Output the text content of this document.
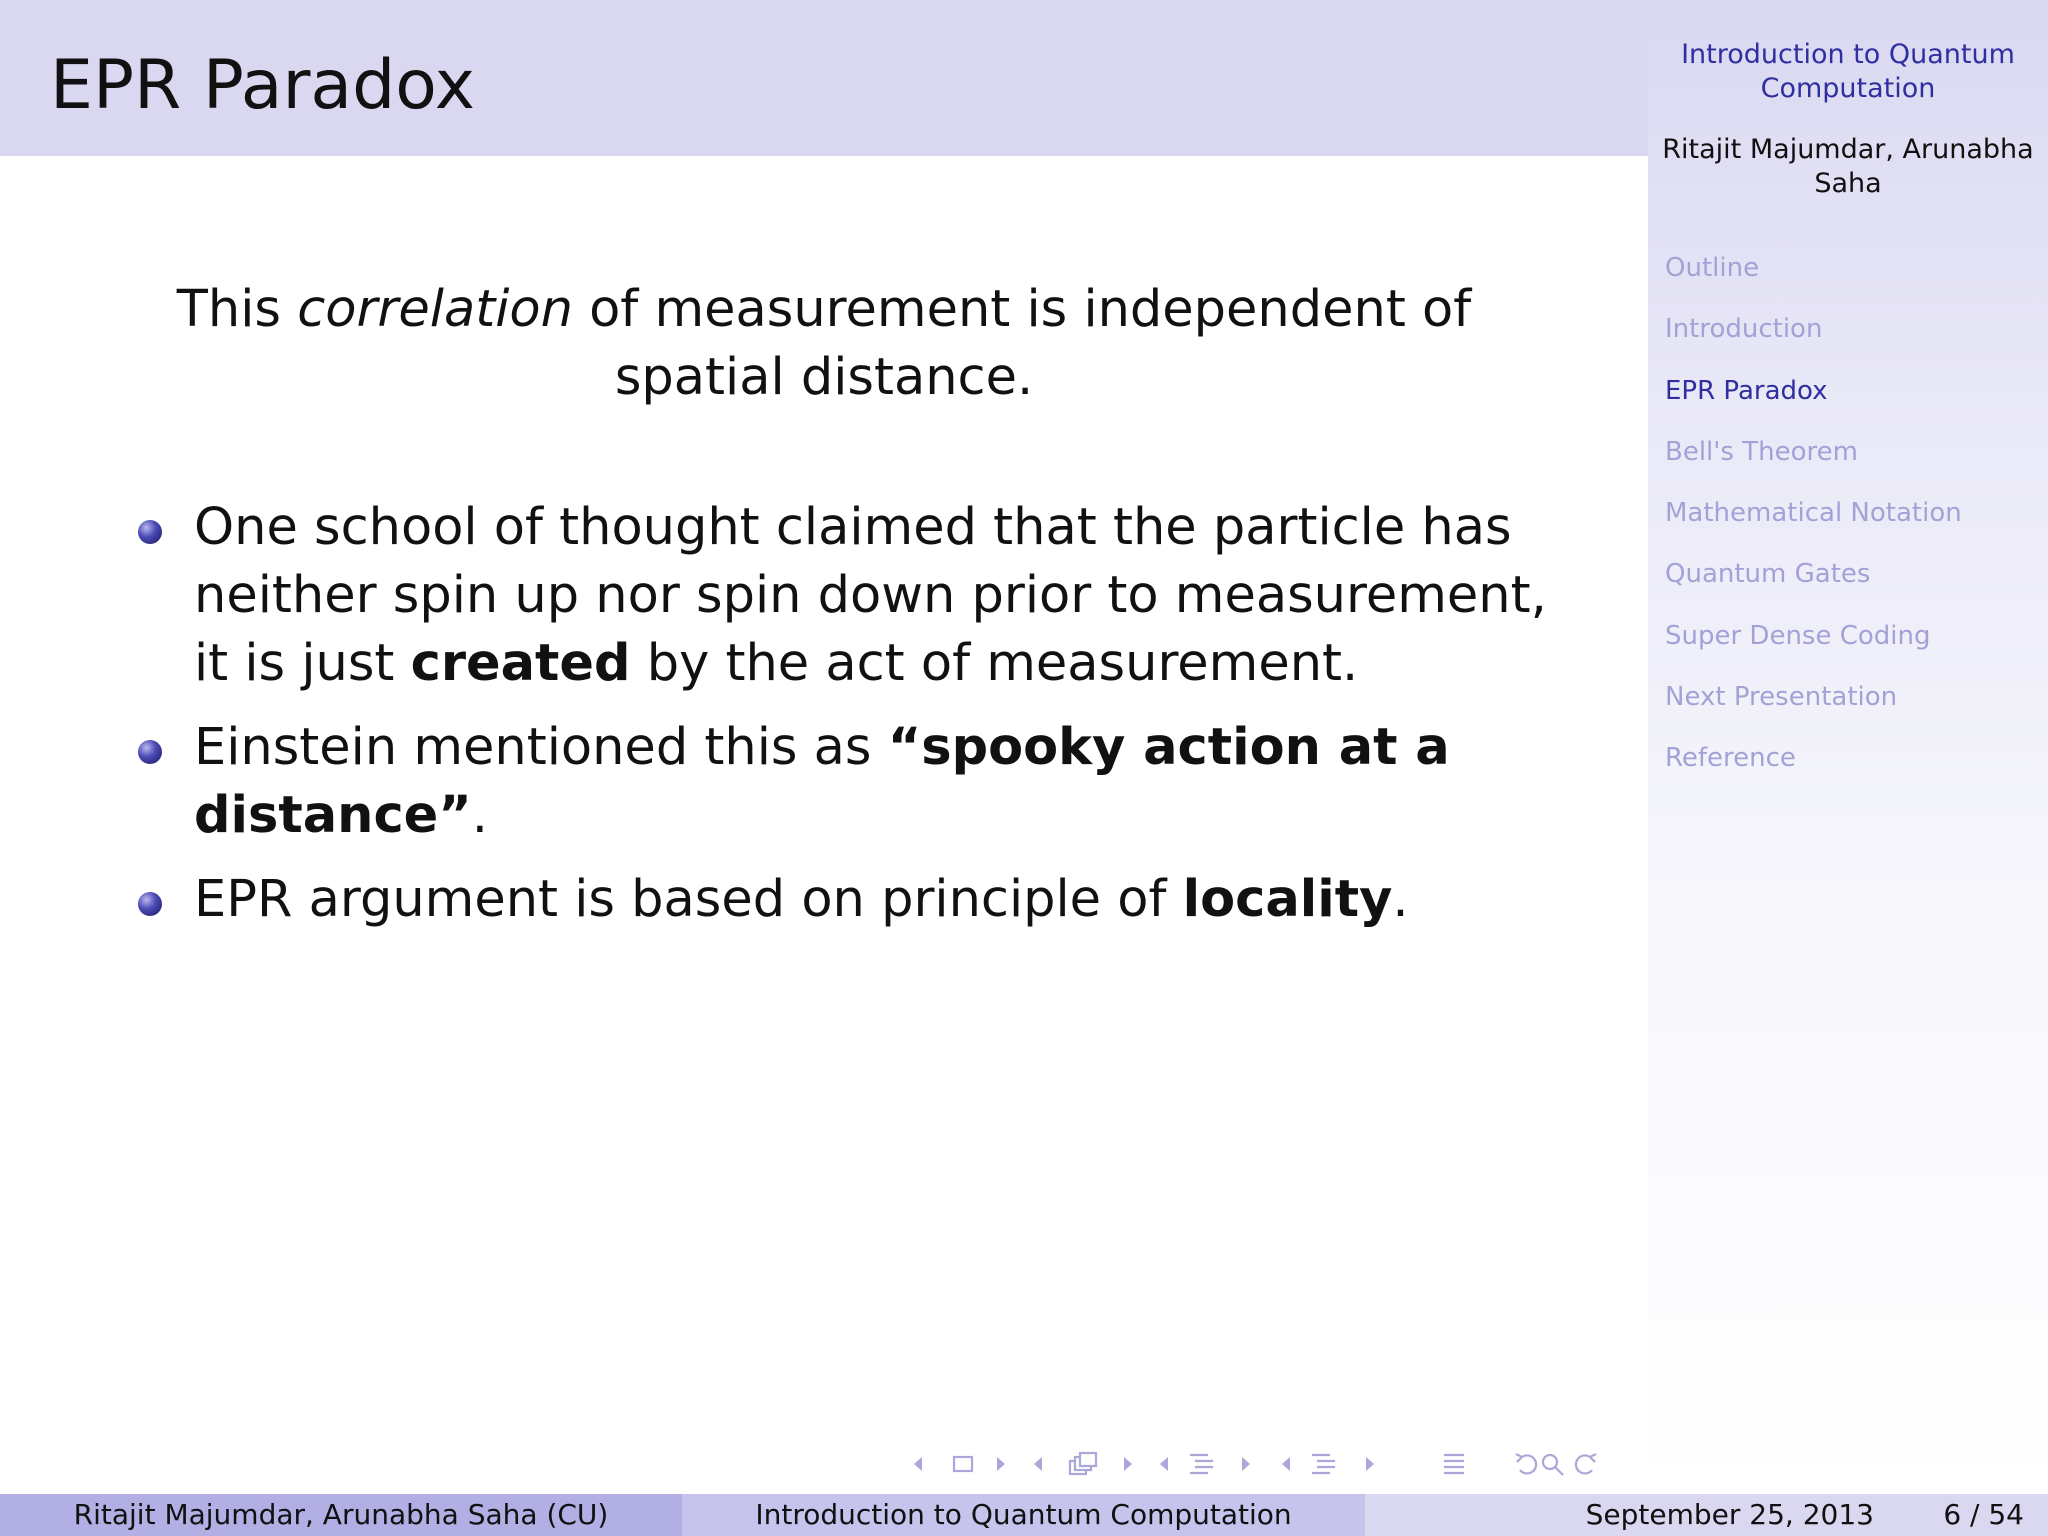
EPR Paradox	Introduction to Quantum Computation
Ritajit Majumdar, Arunabha Saha
Outline
Introduction
EPR Paradox
Bell's Theorem
Mathematical Notation
Quantum Gates
Super Dense Coding
Next Presentation
Reference
This correlation of measurement is independent of spatial distance.
One school of thought claimed that the particle has neither spin up nor spin down prior to measurement, it is just created by the act of measurement.
Einstein mentioned this as “spooky action at a distance”.
EPR argument is based on principle of locality.
Ritajit Majumdar, Arunabha Saha (CU)	Introduction to Quantum Computation	September 25, 2013 6 / 54
